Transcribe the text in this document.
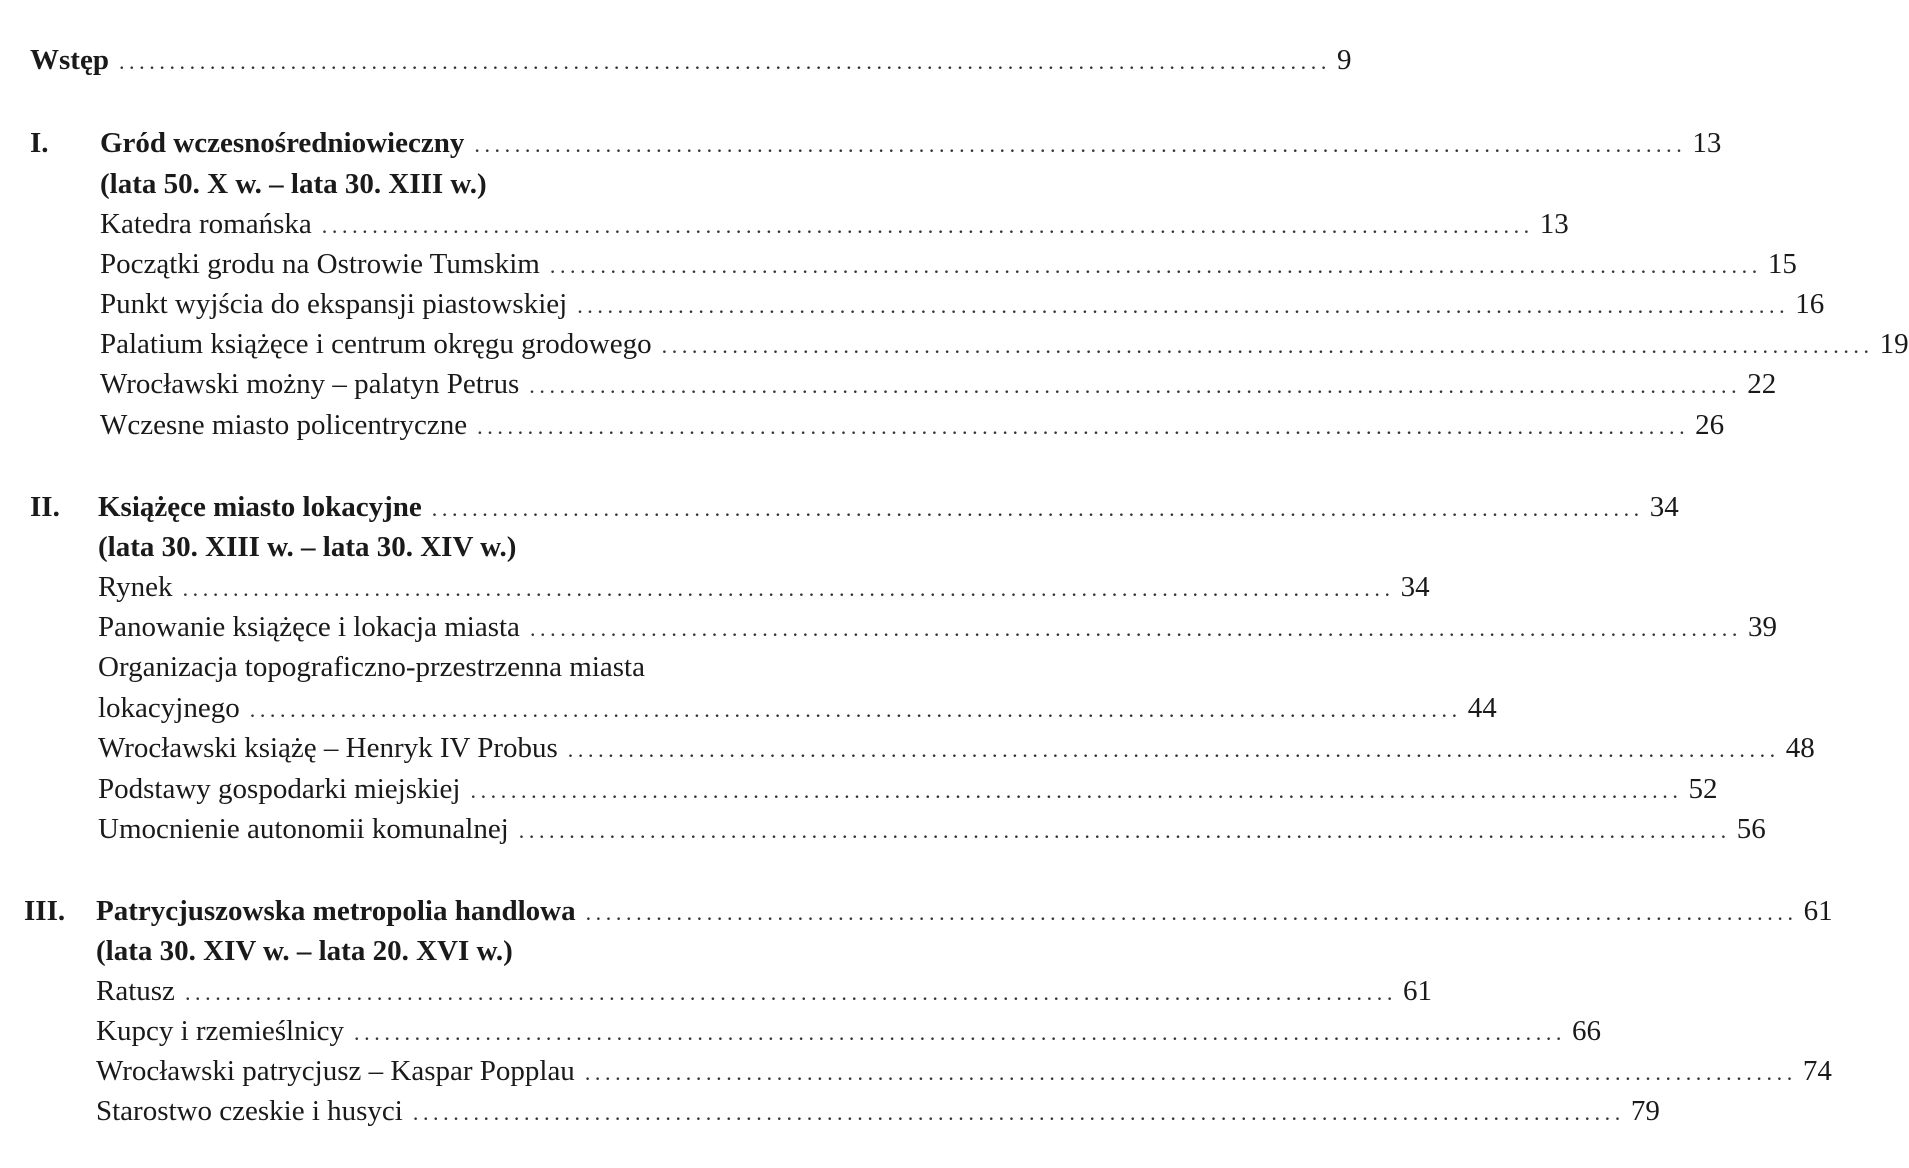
Wstęp ........................................................................................................................ 9
I. Gród wczesnośredniowieczny ........................................................................................................................ 13
(lata 50. X w. – lata 30. XIII w.)
Katedra romańska ........................................................................................................................ 13
Początki grodu na Ostrowie Tumskim ........................................................................................................................ 15
Punkt wyjścia do ekspansji piastowskiej ........................................................................................................................ 16
Palatium książęce i centrum okręgu grodowego ........................................................................................................................ 19
Wrocławski możny – palatyn Petrus ........................................................................................................................ 22
Wczesne miasto policentryczne ........................................................................................................................ 26
II. Książęce miasto lokacyjne ........................................................................................................................ 34
(lata 30. XIII w. – lata 30. XIV w.)
Rynek ........................................................................................................................ 34
Panowanie książęce i lokacja miasta ........................................................................................................................ 39
Organizacja topograficzno-przestrzenna miasta
lokacyjnego ........................................................................................................................ 44
Wrocławski książę – Henryk IV Probus ........................................................................................................................ 48
Podstawy gospodarki miejskiej ........................................................................................................................ 52
Umocnienie autonomii komunalnej ........................................................................................................................ 56
III. Patrycjuszowska metropolia handlowa ........................................................................................................................ 61
(lata 30. XIV w. – lata 20. XVI w.)
Ratusz ........................................................................................................................ 61
Kupcy i rzemieślnicy ........................................................................................................................ 66
Wrocławski patrycjusz – Kaspar Popplau ........................................................................................................................ 74
Starostwo czeskie i husyci ........................................................................................................................ 79
